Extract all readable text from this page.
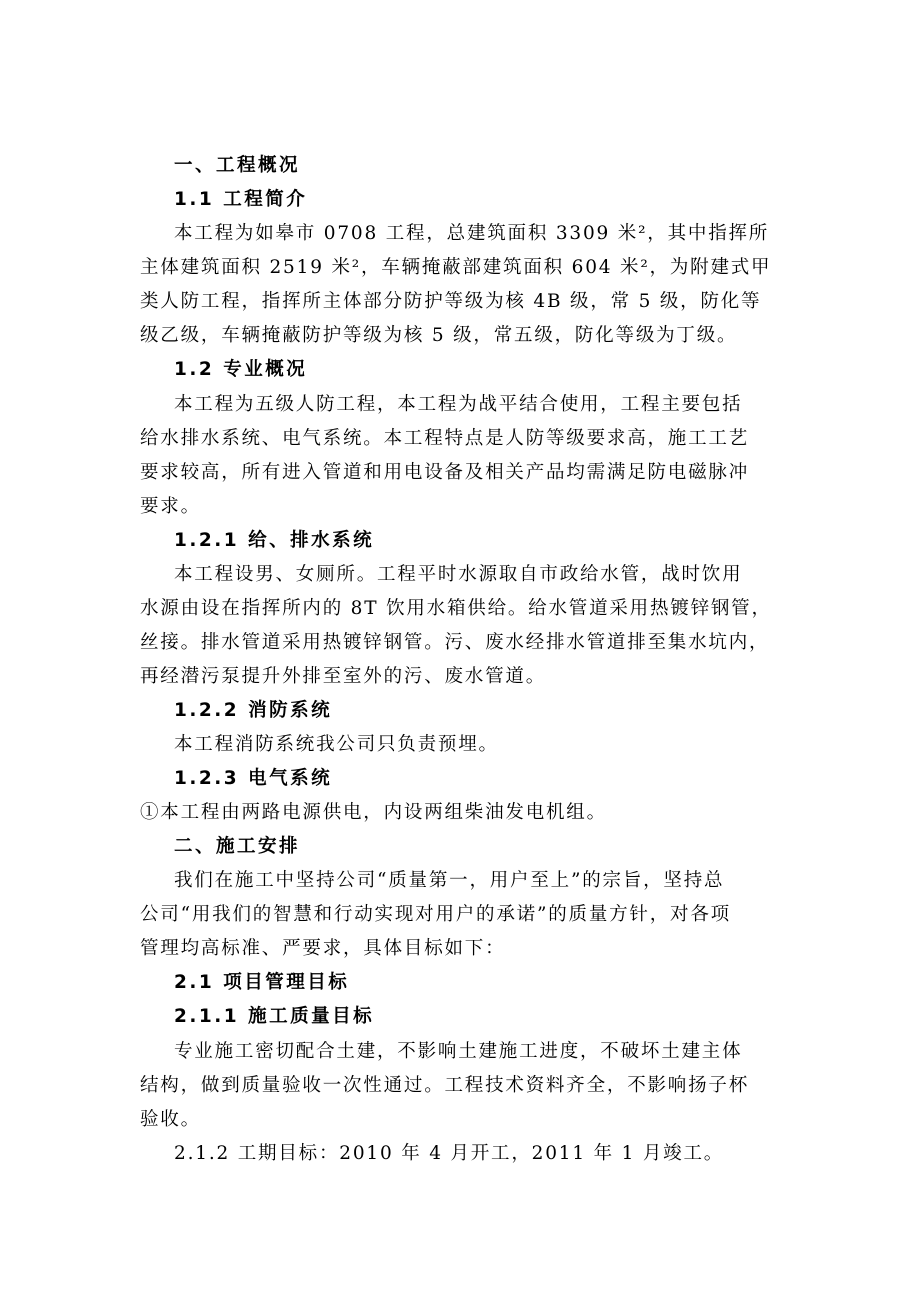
一、工程概况
1.1 工程简介
本工程为如皋市 0708 工程，总建筑面积 3309 米²，其中指挥所
主体建筑面积 2519 米²，车辆掩蔽部建筑面积 604 米²，为附建式甲
类人防工程，指挥所主体部分防护等级为核 4B 级，常 5 级，防化等
级乙级，车辆掩蔽防护等级为核 5 级，常五级，防化等级为丁级。
1.2 专业概况
本工程为五级人防工程，本工程为战平结合使用，工程主要包括
给水排水系统、电气系统。本工程特点是人防等级要求高，施工工艺
要求较高，所有进入管道和用电设备及相关产品均需满足防电磁脉冲
要求。
1.2.1 给、排水系统
本工程设男、女厕所。工程平时水源取自市政给水管，战时饮用
水源由设在指挥所内的 8T 饮用水箱供给。给水管道采用热镀锌钢管，
丝接。排水管道采用热镀锌钢管。污、废水经排水管道排至集水坑内，
再经潜污泵提升外排至室外的污、废水管道。
1.2.2 消防系统
本工程消防系统我公司只负责预埋。
1.2.3 电气系统
①本工程由两路电源供电，内设两组柴油发电机组。
二、施工安排
我们在施工中坚持公司“质量第一，用户至上”的宗旨，坚持总
公司“用我们的智慧和行动实现对用户的承诺”的质量方针，对各项
管理均高标准、严要求，具体目标如下：
2.1 项目管理目标
2.1.1 施工质量目标
专业施工密切配合土建，不影响土建施工进度，不破坏土建主体
结构，做到质量验收一次性通过。工程技术资料齐全，不影响扬子杯
验收。
2.1.2 工期目标：2010 年 4 月开工，2011 年 1 月竣工。
